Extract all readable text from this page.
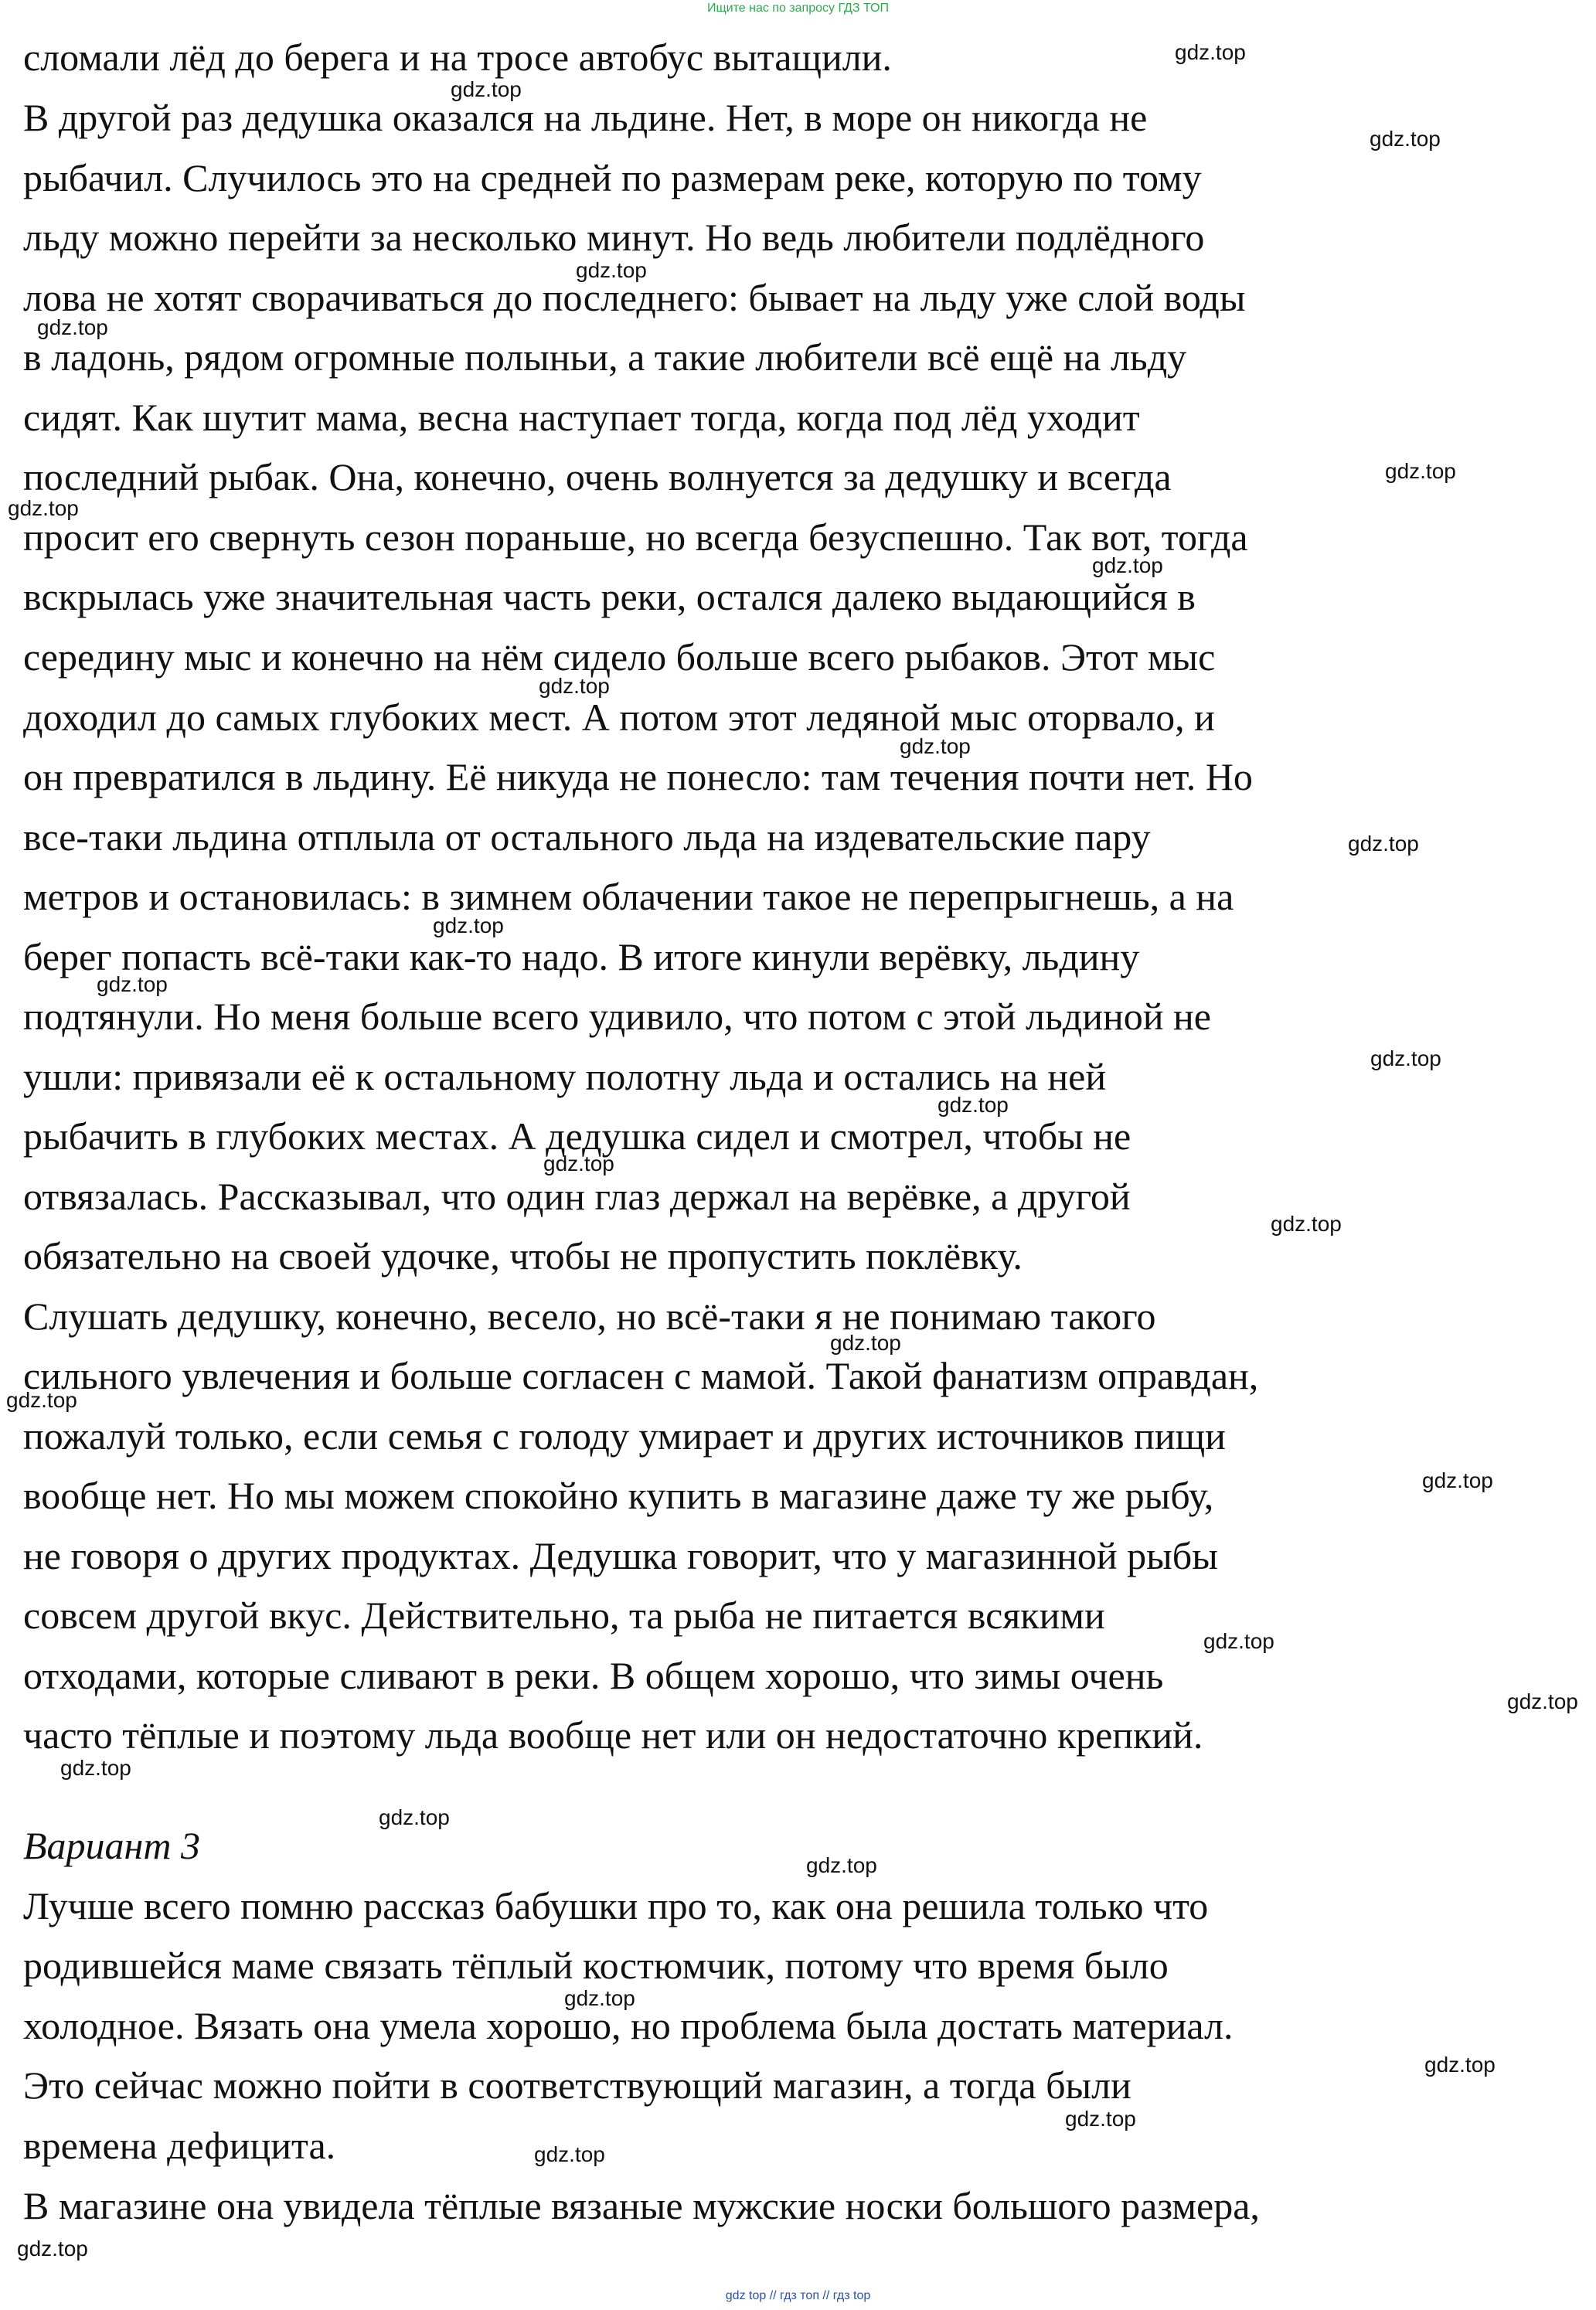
Ищите нас по запросу ГДЗ ТОП
сломали лёд до берега и на тросе автобус вытащили.
В другой раз дедушка оказался на льдине. Нет, в море он никогда не
рыбачил. Случилось это на средней по размерам реке, которую по тому
льду можно перейти за несколько минут. Но ведь любители подлёдного
лова не хотят сворачиваться до последнего: бывает на льду уже слой воды
в ладонь, рядом огромные полыньи, а такие любители всё ещё на льду
сидят. Как шутит мама, весна наступает тогда, когда под лёд уходит
последний рыбак. Она, конечно, очень волнуется за дедушку и всегда
просит его свернуть сезон пораньше, но всегда безуспешно. Так вот, тогда
вскрылась уже значительная часть реки, остался далеко выдающийся в
середину мыс и конечно на нём сидело больше всего рыбаков. Этот мыс
доходил до самых глубоких мест. А потом этот ледяной мыс оторвало, и
он превратился в льдину. Её никуда не понесло: там течения почти нет. Но
все-таки льдина отплыла от остального льда на издевательские пару
метров и остановилась: в зимнем облачении такое не перепрыгнешь, а на
берег попасть всё-таки как-то надо. В итоге кинули верёвку, льдину
подтянули. Но меня больше всего удивило, что потом с этой льдиной не
ушли: привязали её к остальному полотну льда и остались на ней
рыбачить в глубоких местах. А дедушка сидел и смотрел, чтобы не
отвязалась. Рассказывал, что один глаз держал на верёвке, а другой
обязательно на своей удочке, чтобы не пропустить поклёвку.
Слушать дедушку, конечно, весело, но всё-таки я не понимаю такого
сильного увлечения и больше согласен с мамой. Такой фанатизм оправдан,
пожалуй только, если семья с голоду умирает и других источников пищи
вообще нет. Но мы можем спокойно купить в магазине даже ту же рыбу,
не говоря о других продуктах. Дедушка говорит, что у магазинной рыбы
совсем другой вкус. Действительно, та рыба не питается всякими
отходами, которые сливают в реки. В общем хорошо, что зимы очень
часто тёплые и поэтому льда вообще нет или он недостаточно крепкий.
Вариант 3
Лучше всего помню рассказ бабушки про то, как она решила только что
родившейся маме связать тёплый костюмчик, потому что время было
холодное. Вязать она умела хорошо, но проблема была достать материал.
Это сейчас можно пойти в соответствующий магазин, а тогда были
времена дефицита.
В магазине она увидела тёплые вязаные мужские носки большого размера,
gdz.top
gdz.top
gdz.top
gdz.top
gdz.top
gdz.top
gdz.top
gdz.top
gdz.top
gdz.top
gdz.top
gdz.top
gdz.top
gdz.top
gdz.top
gdz.top
gdz.top
gdz.top
gdz.top
gdz.top
gdz.top
gdz.top
gdz.top
gdz.top
gdz.top
gdz.top
gdz.top
gdz.top
gdz.top
gdz.top
gdz top // гдз топ // гдз top
